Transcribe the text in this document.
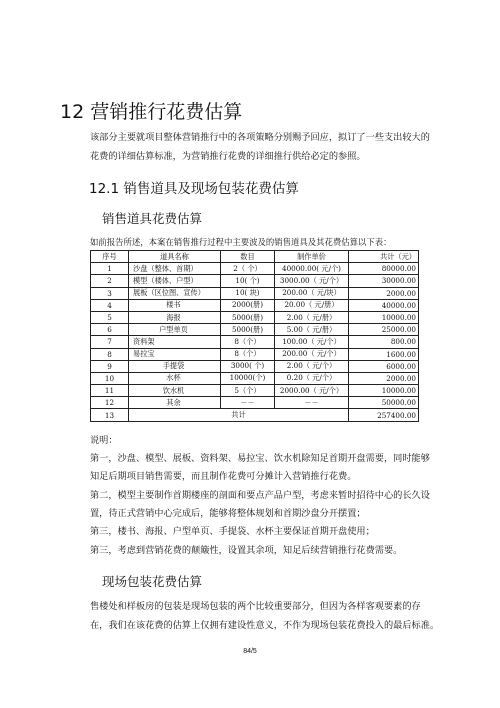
12 营销推行花费估算
该部分主要就项目整体营销推行中的各项策略分别赐予回应，拟订了一些支出较大的
花费的详细估算标准，为营销推行花费的详细推行供给必定的参照。
12.1 销售道具及现场包装花费估算
销售道具花费估算
如前报告所述，本案在销售推行过程中主要波及的销售道具及其花费估算以下表：
序号	道具名称	数目	制作单价	共计（元）
1	沙盘（整体、首期）	2（ 个）	40000.00( 元/个)	80000.00
2	模型（楼体、户型）	10( 个)	3000.00（ 元/个）	30000.00
3	展板（区位图、宣传）	10( 块)	200.00（ 元/块）	2000.00
4	楼书	2000(册)	20.00（ 元/册）	40000.00
5	海报	5000(册)	2.00（ 元/册）	10000.00
6	户型单页	5000(册)	5.00（ 元/册）	25000.00
7	资料架	8（个）	100.00（ 元/个）	800.00
8	易拉宝	8（个）	200.00（ 元/个）	1600.00
9	手提袋	3000( 个)	2.00（ 元/个）	6000.00
10	水杯	10000(个)	0.20（ 元/个）	2000.00
11	饮水机	5（个）	2000.00（ 元/个）	10000.00
12	其余	－－	－－	50000.00
13	共计			257400.00
说明：
第一，沙盘、模型、展板、资料架、易拉宝、饮水机除知足首期开盘需要，同时能够
知足后期项目销售需要，而且制作花费可分摊计入营销推行花费。
第二，模型主要制作首期楼座的剖面和要点产品户型，考虑来暂时招待中心的长久设
置，待正式营销中心完成后，能够将整体规划和首期沙盘分开摆置；
第三，楼书、海报、户型单页、手提袋、水杯主要保证首期开盘使用；
第三，考虑到营销花费的颠簸性，设置其余项，知足后续营销推行花费需要。
现场包装花费估算
售楼处和样板房的包装是现场包装的两个比较重要部分，但因为各样客观要素的存
在，我们在该花费的估算上仅拥有建设性意义，不作为现场包装花费投入的最后标准。
84/5
